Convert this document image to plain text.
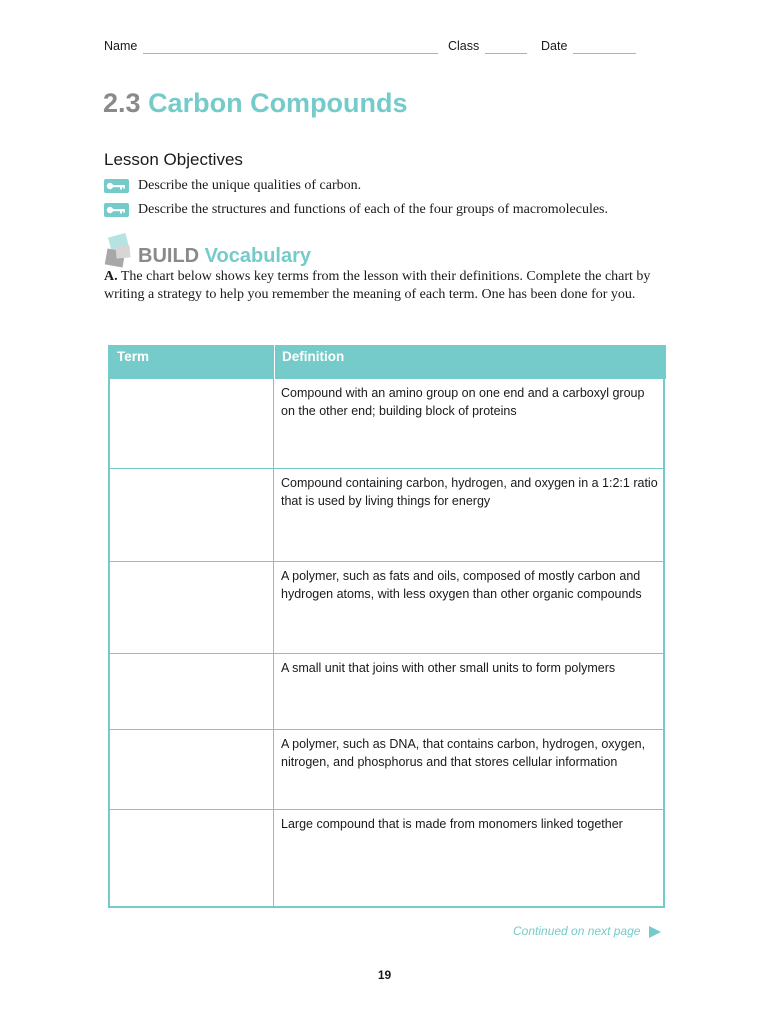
Name	Class	Date
2.3 Carbon Compounds
Lesson Objectives
Describe the unique qualities of carbon.
Describe the structures and functions of each of the four groups of macromolecules.
BUILD Vocabulary
A. The chart below shows key terms from the lesson with their definitions. Complete the chart by writing a strategy to help you remember the meaning of each term. One has been done for you.
Term	Definition
Compound with an amino group on one end and a carboxyl group on the other end; building block of proteins
Compound containing carbon, hydrogen, and oxygen in a 1:2:1 ratio that is used by living things for energy
A polymer, such as fats and oils, composed of mostly carbon and hydrogen atoms, with less oxygen than other organic compounds
A small unit that joins with other small units to form polymers
A polymer, such as DNA, that contains carbon, hydrogen, oxygen, nitrogen, and phosphorus and that stores cellular information
Large compound that is made from monomers linked together
Continued on next page
19
